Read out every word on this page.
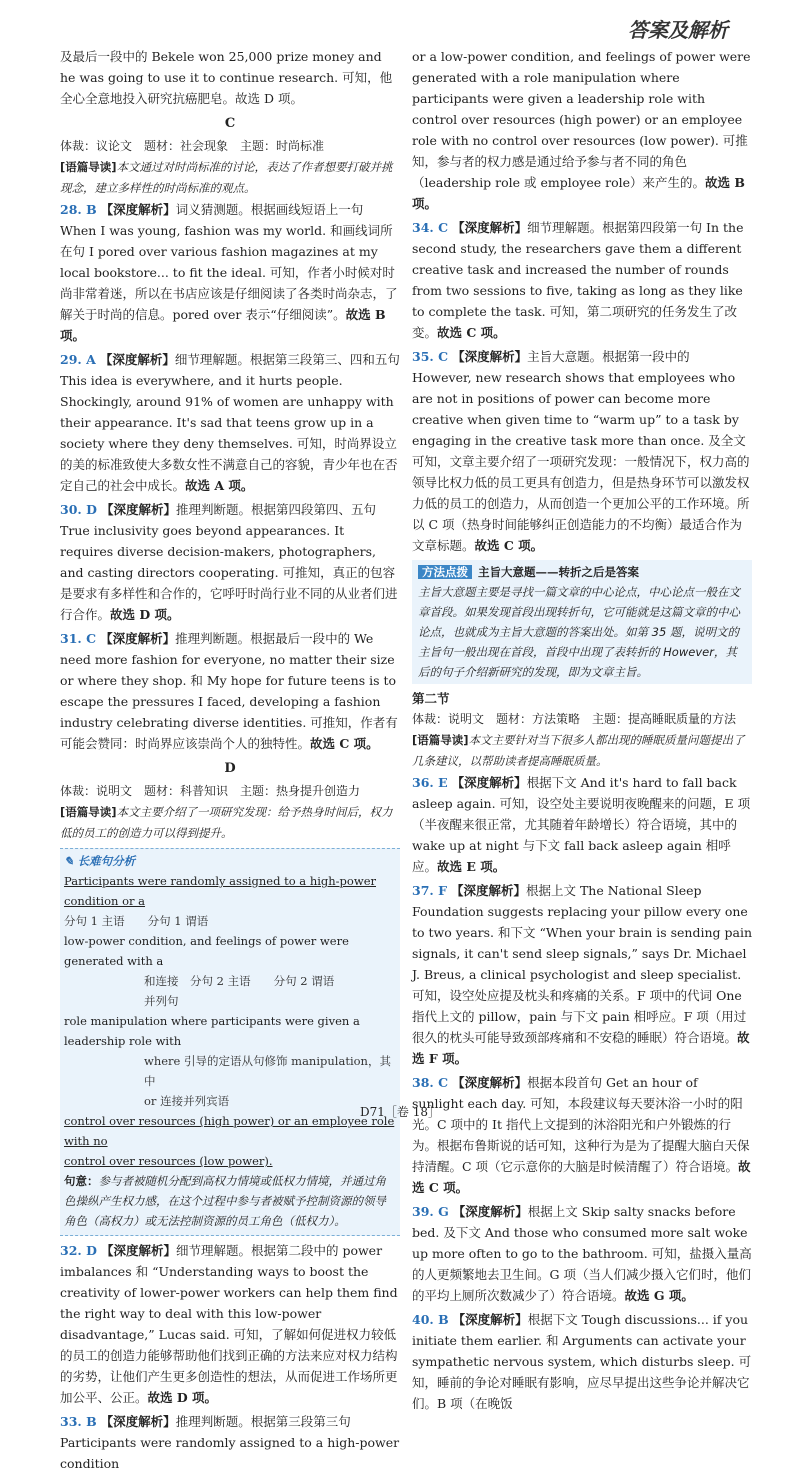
答案及解析

及最后一段中的 Bekele won 25,000 prize money and he was going to use it to continue research. 可知，他全心全意地投入研究抗癌肥皂。故选 D 项。

C

体裁：议论文　题材：社会现象　主题：时尚标准

[语篇导读]本文通过对时尚标准的讨论，表达了作者想要打破并挑现念，建立多样性的时尚标准的观点。

28. B 【深度解析】词义猜测题。根据画线短语上一句 When I was young, fashion was my world. 和画线词所在句 I pored over various fashion magazines at my local bookstore... to fit the ideal. 可知，作者小时候对时尚非常着迷，所以在书店应该是仔细阅读了各类时尚杂志，了解关于时尚的信息。pored over 表示“仔细阅读”。故选 B 项。

29. A 【深度解析】细节理解题。根据第三段第三、四和五句 This idea is everywhere, and it hurts people. Shockingly, around 91% of women are unhappy with their appearance. It's sad that teens grow up in a society where they deny themselves. 可知，时尚界设立的美的标准致使大多数女性不满意自己的容貌，青少年也在否定自己的社会中成长。故选 A 项。

30. D 【深度解析】推理判断题。根据第四段第四、五句 True inclusivity goes beyond appearances. It requires diverse decision-makers, photographers, and casting directors cooperating. 可推知，真正的包容是要求有多样性和合作的，它呼吁时尚行业不同的从业者们进行合作。故选 D 项。

31. C 【深度解析】推理判断题。根据最后一段中的 We need more fashion for everyone, no matter their size or where they shop. 和 My hope for future teens is to escape the pressures I faced, developing a fashion industry celebrating diverse identities. 可推知，作者有可能会赞同：时尚界应该崇尚个人的独特性。故选 C 项。

D

体裁：说明文　题材：科普知识　主题：热身提升创造力

[语篇导读]本文主要介绍了一项研究发现：给予热身时间后，权力低的员工的创造力可以得到提升。

✎ 长难句分析
Participants were randomly assigned to a high-power condition or a
分句 1 主语　　分句 1 谓语
low-power condition, and feelings of power were generated with a
和连接　分句 2 主语　　分句 2 谓语
并列句
role manipulation where participants were given a leadership role with
where 引导的定语从句修饰 manipulation，其中
or 连接并列宾语
control over resources (high power) or an employee role with no
control over resources (low power).
句意：参与者被随机分配到高权力情境或低权力情境，并通过角色操纵产生权力感，在这个过程中参与者被赋予控制资源的领导角色（高权力）或无法控制资源的员工角色（低权力）。

32. D 【深度解析】细节理解题。根据第二段中的 power imbalances 和 “Understanding ways to boost the creativity of lower-power workers can help them find the right way to deal with this low-power disadvantage,” Lucas said. 可知，了解如何促进权力较低的员工的创造力能够帮助他们找到正确的方法来应对权力结构的劣势，让他们产生更多创造性的想法，从而促进工作场所更加公平、公正。故选 D 项。

33. B 【深度解析】推理判断题。根据第三段第三句 Participants were randomly assigned to a high-power condition

or a low-power condition, and feelings of power were generated with a role manipulation where participants were given a leadership role with control over resources (high power) or an employee role with no control over resources (low power). 可推知，参与者的权力感是通过给予参与者不同的角色（leadership role 或 employee role）来产生的。故选 B 项。

34. C 【深度解析】细节理解题。根据第四段第一句 In the second study, the researchers gave them a different creative task and increased the number of rounds from two sessions to five, taking as long as they like to complete the task. 可知，第二项研究的任务发生了改变。故选 C 项。

35. C 【深度解析】主旨大意题。根据第一段中的 However, new research shows that employees who are not in positions of power can become more creative when given time to “warm up” to a task by engaging in the creative task more than once. 及全文可知，文章主要介绍了一项研究发现：一般情况下，权力高的领导比权力低的员工更具有创造力，但是热身环节可以激发权力低的员工的创造力，从而创造一个更加公平的工作环境。所以 C 项（热身时间能够纠正创造能力的不均衡）最适合作为文章标题。故选 C 项。

方法点拨 主旨大意题——转折之后是答案
主旨大意题主要是寻找一篇文章的中心论点，中心论点一般在文章首段。如果发现首段出现转折句，它可能就是这篇文章的中心论点，也就成为主旨大意题的答案出处。如第 35 题，说明文的主旨句一般出现在首段，首段中出现了表转折的 However，其后的句子介绍新研究的发现，即为文章主旨。
第二节

体裁：说明文　题材：方法策略　主题：提高睡眠质量的方法

[语篇导读]本文主要针对当下很多人都出现的睡眠质量问题提出了几条建议，以帮助读者提高睡眠质量。

36. E 【深度解析】根据下文 And it's hard to fall back asleep again. 可知，设空处主要说明夜晚醒来的问题，E 项（半夜醒来很正常，尤其随着年龄增长）符合语境，其中的 wake up at night 与下文 fall back asleep again 相呼应。故选 E 项。

37. F 【深度解析】根据上文 The National Sleep Foundation suggests replacing your pillow every one to two years. 和下文 “When your brain is sending pain signals, it can't send sleep signals,” says Dr. Michael J. Breus, a clinical psychologist and sleep specialist. 可知，设空处应提及枕头和疼痛的关系。F 项中的代词 One 指代上文的 pillow，pain 与下文 pain 相呼应。F 项（用过很久的枕头可能导致颈部疼痛和不安稳的睡眠）符合语境。故选 F 项。

38. C 【深度解析】根据本段首句 Get an hour of sunlight each day. 可知，本段建议每天要沐浴一小时的阳光。C 项中的 It 指代上文提到的沐浴阳光和户外锻炼的行为。根据布鲁斯说的话可知，这种行为是为了提醒大脑白天保持清醒。C 项（它示意你的大脑是时候清醒了）符合语境。故选 C 项。

39. G 【深度解析】根据上文 Skip salty snacks before bed. 及下文 And those who consumed more salt woke up more often to go to the bathroom. 可知，盐摄入量高的人更频繁地去卫生间。G 项（当人们减少摄入它们时，他们的平均上厕所次数减少了）符合语境。故选 G 项。

40. B 【深度解析】根据下文 Tough discussions... if you initiate them earlier. 和 Arguments can activate your sympathetic nervous system, which disturbs sleep. 可知，睡前的争论对睡眠有影响，应尽早提出这些争论并解决它们。B 项（在晚饭

D71［卷 18］
